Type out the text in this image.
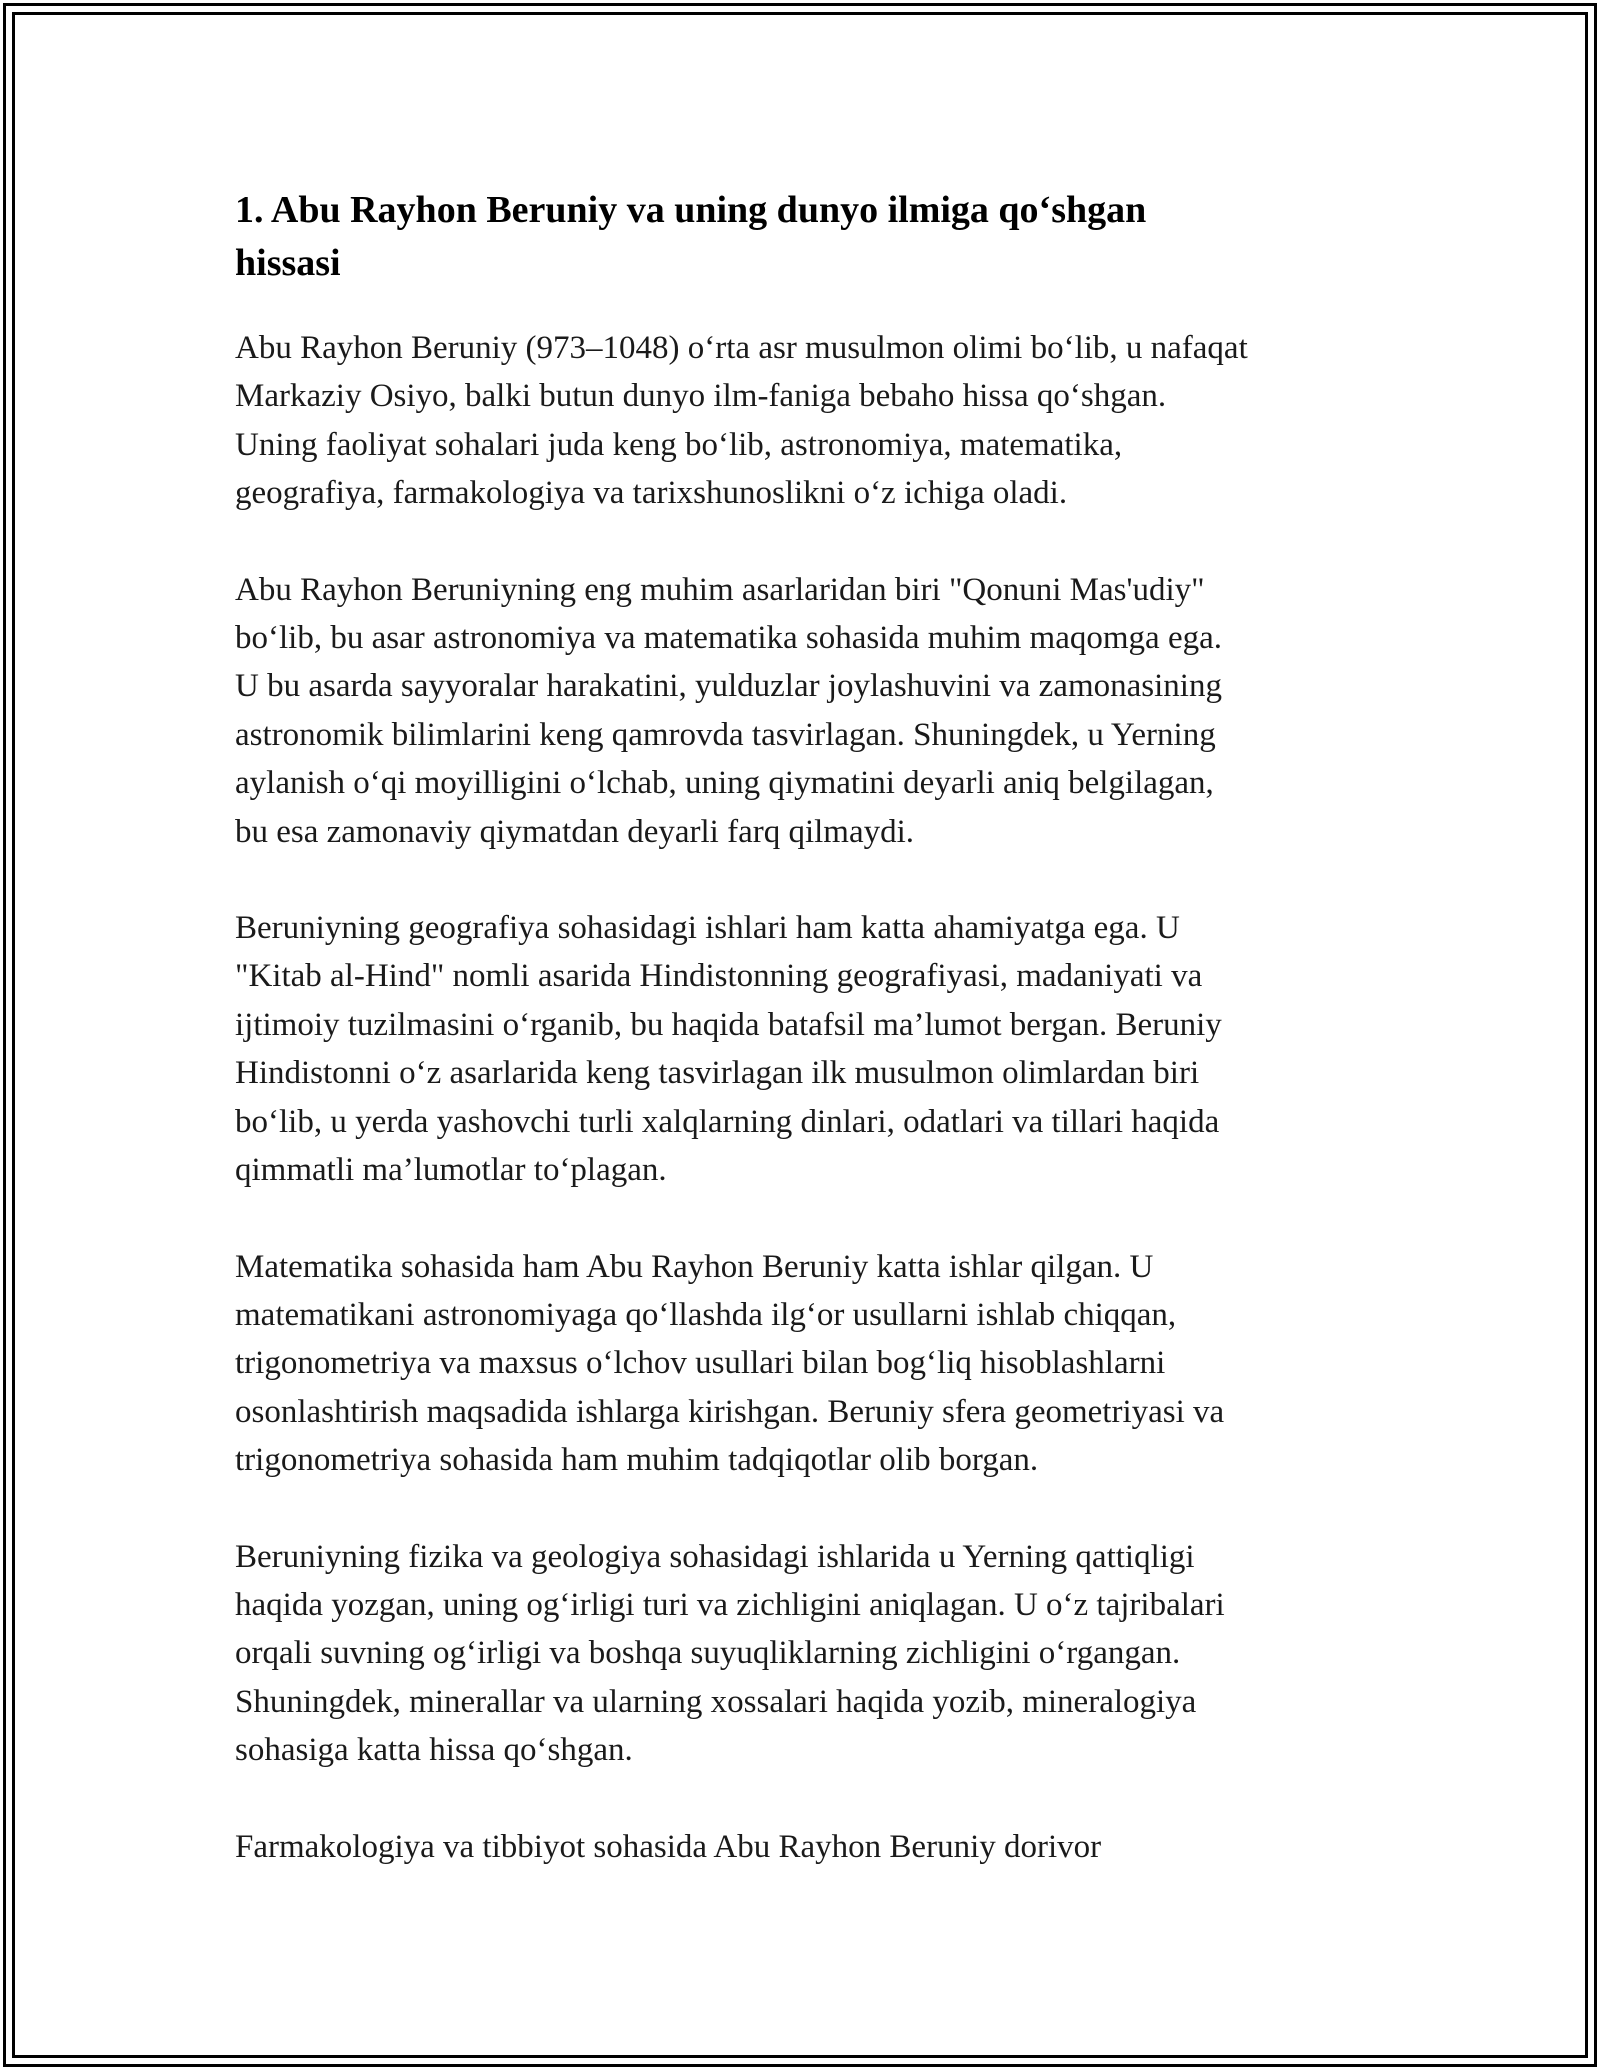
1. Abu Rayhon Beruniy va uning dunyo ilmiga qo‘shgan
hissasi

Abu Rayhon Beruniy (973–1048) o‘rta asr musulmon olimi bo‘lib, u nafaqat
Markaziy Osiyo, balki butun dunyo ilm-faniga bebaho hissa qo‘shgan.
Uning faoliyat sohalari juda keng bo‘lib, astronomiya, matematika,
geografiya, farmakologiya va tarixshunoslikni o‘z ichiga oladi.

Abu Rayhon Beruniyning eng muhim asarlaridan biri "Qonuni Mas'udiy"
bo‘lib, bu asar astronomiya va matematika sohasida muhim maqomga ega.
U bu asarda sayyoralar harakatini, yulduzlar joylashuvini va zamonasining
astronomik bilimlarini keng qamrovda tasvirlagan. Shuningdek, u Yerning
aylanish o‘qi moyilligini o‘lchab, uning qiymatini deyarli aniq belgilagan,
bu esa zamonaviy qiymatdan deyarli farq qilmaydi.

Beruniyning geografiya sohasidagi ishlari ham katta ahamiyatga ega. U
"Kitab al-Hind" nomli asarida Hindistonning geografiyasi, madaniyati va
ijtimoiy tuzilmasini o‘rganib, bu haqida batafsil ma’lumot bergan. Beruniy
Hindistonni o‘z asarlarida keng tasvirlagan ilk musulmon olimlardan biri
bo‘lib, u yerda yashovchi turli xalqlarning dinlari, odatlari va tillari haqida
qimmatli ma’lumotlar to‘plagan.

Matematika sohasida ham Abu Rayhon Beruniy katta ishlar qilgan. U
matematikani astronomiyaga qo‘llashda ilg‘or usullarni ishlab chiqqan,
trigonometriya va maxsus o‘lchov usullari bilan bog‘liq hisoblashlarni
osonlashtirish maqsadida ishlarga kirishgan. Beruniy sfera geometriyasi va
trigonometriya sohasida ham muhim tadqiqotlar olib borgan.

Beruniyning fizika va geologiya sohasidagi ishlarida u Yerning qattiqligi
haqida yozgan, uning og‘irligi turi va zichligini aniqlagan. U o‘z tajribalari
orqali suvning og‘irligi va boshqa suyuqliklarning zichligini o‘rgangan.
Shuningdek, minerallar va ularning xossalari haqida yozib, mineralogiya
sohasiga katta hissa qo‘shgan.

Farmakologiya va tibbiyot sohasida Abu Rayhon Beruniy dorivor
